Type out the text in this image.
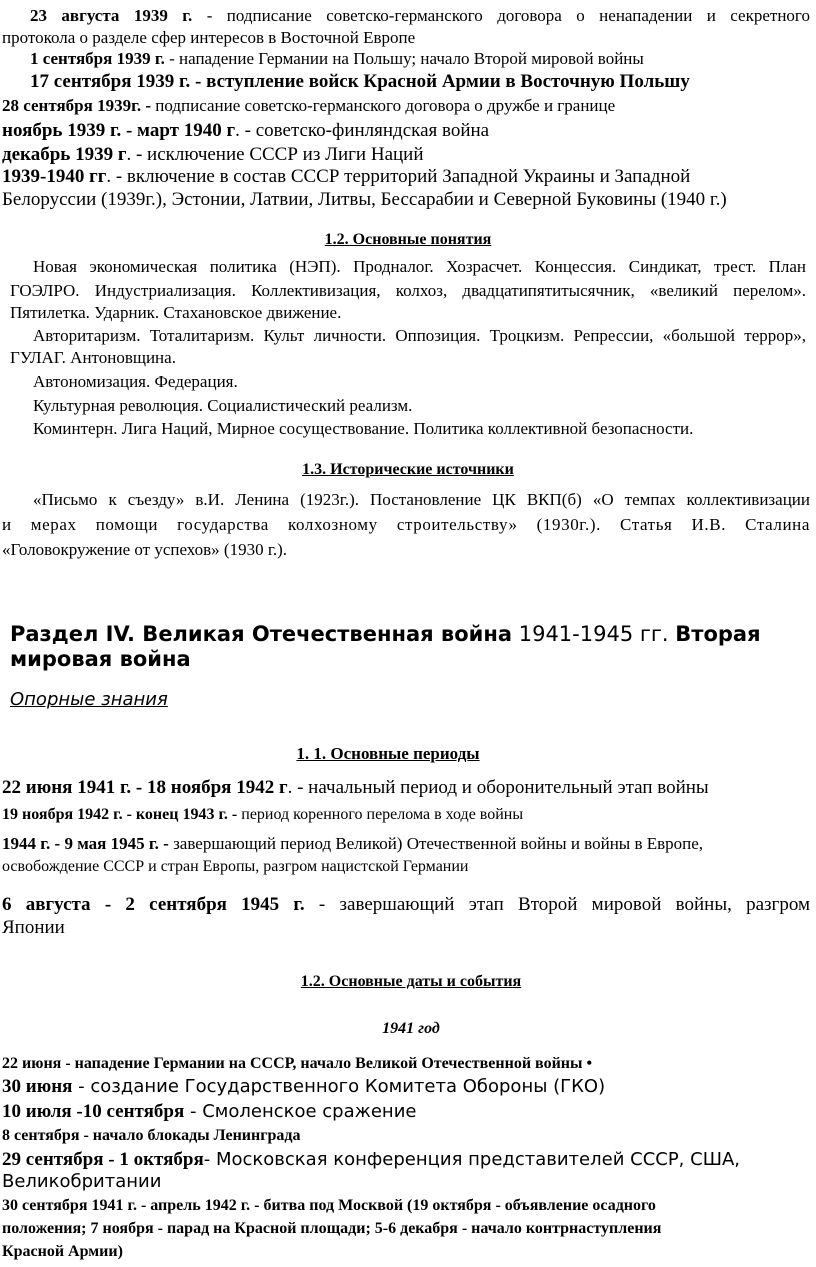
23 августа 1939 г. - подписание советско-германского договора о ненападении и секретного
протокола о разделе сфер интересов в Восточной Европе
1 сентября 1939 г. - нападение Германии на Польшу; начало Второй мировой войны
17 сентября 1939 г. - вступление войск Красной Армии в Восточную Польшу
28 сентября 1939г. - подписание советско-германского договора о дружбе и границе
ноябрь 1939 г. - март 1940 г. - советско-финляндская война
декабрь 1939 г. - исключение СССР из Лиги Наций
1939-1940 гг. - включение в состав СССР территорий Западной Украины и Западной
Белоруссии (1939г.), Эстонии, Латвии, Литвы, Бессарабии и Северной Буковины (1940 г.)
1.2. Основные понятия
Новая экономическая политика (НЭП). Продналог. Хозрасчет. Концессия. Синдикат, трест. План
ГОЭЛРО. Индустриализация. Коллективизация, колхоз, двадцатипятитысячник, «великий перелом».
Пятилетка. Ударник. Стахановское движение.
Авторитаризм. Тоталитаризм. Культ личности. Оппозиция. Троцкизм. Репрессии, «большой террор»,
ГУЛАГ. Антоновщина.
Автономизация. Федерация.
Культурная революция. Социалистический реализм.
Коминтерн. Лига Наций, Мирное сосуществование. Политика коллективной безопасности.
1.3. Исторические источники
«Письмо к съезду» в.И. Ленина (1923г.). Постановление ЦК ВКП(б) «О темпах коллективизации
и мерах помощи государства колхозному строительству» (1930г.). Статья И.В. Сталина
«Головокружение от успехов» (1930 г.).
Раздел IV. Великая Отечественная война 1941-1945 гг. Вторая
мировая война
Опорные знания
1. 1. Основные периоды
22 июня 1941 г. - 18 ноября 1942 г. - начальный период и оборонительный этап войны
19 ноября 1942 г. - конец 1943 г. - период коренного перелома в ходе войны
1944 г. - 9 мая 1945 г. - завершающий период Великой) Отечественной войны и войны в Европе,
освобождение СССР и стран Европы, разгром нацистской Германии
6 августа - 2 сентября 1945 г. - завершающий этап Второй мировой войны, разгром
Японии
1.2. Основные даты и события
1941 год
22 июня - нападение Германии на СССР, начало Великой Отечественной войны •
30 июня - создание Государственного Комитета Обороны (ГКО)
10 июля -10 сентября - Смоленское сражение
8 сентября - начало блокады Ленинграда
29 сентября - 1 октября- Московская конференция представителей СССР, США,
Великобритании
30 сентября 1941 г. - апрель 1942 г. - битва под Москвой (19 октября - объявление осадного
положения; 7 ноября - парад на Красной площади; 5-6 декабря - начало контрнаступления
Красной Армии)
